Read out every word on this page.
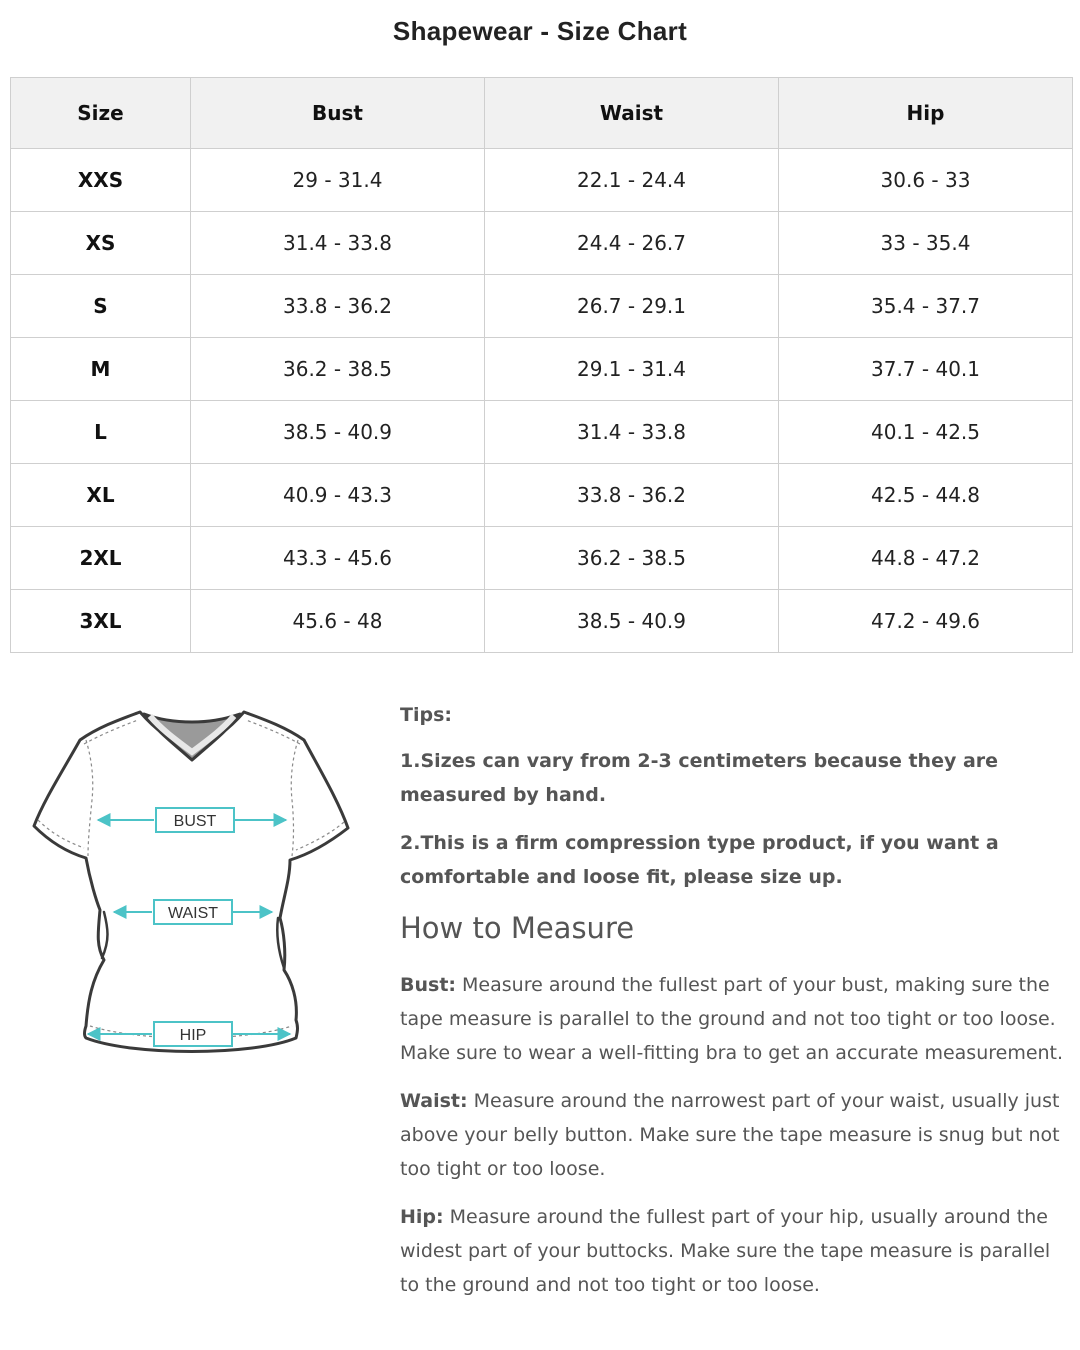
Shapewear - Size Chart
Size	Bust	Waist	Hip
XXS	29 - 31.4	22.1 - 24.4	30.6 - 33
XS	31.4 - 33.8	24.4 - 26.7	33 - 35.4
S	33.8 - 36.2	26.7 - 29.1	35.4 - 37.7
M	36.2 - 38.5	29.1 - 31.4	37.7 - 40.1
L	38.5 - 40.9	31.4 - 33.8	40.1 - 42.5
XL	40.9 - 43.3	33.8 - 36.2	42.5 - 44.8
2XL	43.3 - 45.6	36.2 - 38.5	44.8 - 47.2
3XL	45.6 - 48	38.5 - 40.9	47.2 - 49.6
BUST
WAIST
HIP
Tips:
1.Sizes can vary from 2-3 centimeters because they are measured by hand.
2.This is a firm compression type product, if you want a comfortable and loose fit, please size up.
How to Measure
Bust: Measure around the fullest part of your bust, making sure the tape measure is parallel to the ground and not too tight or too loose. Make sure to wear a well-fitting bra to get an accurate measurement.
Waist: Measure around the narrowest part of your waist, usually just above your belly button. Make sure the tape measure is snug but not too tight or too loose.
Hip: Measure around the fullest part of your hip, usually around the widest part of your buttocks. Make sure the tape measure is parallel to the ground and not too tight or too loose.
